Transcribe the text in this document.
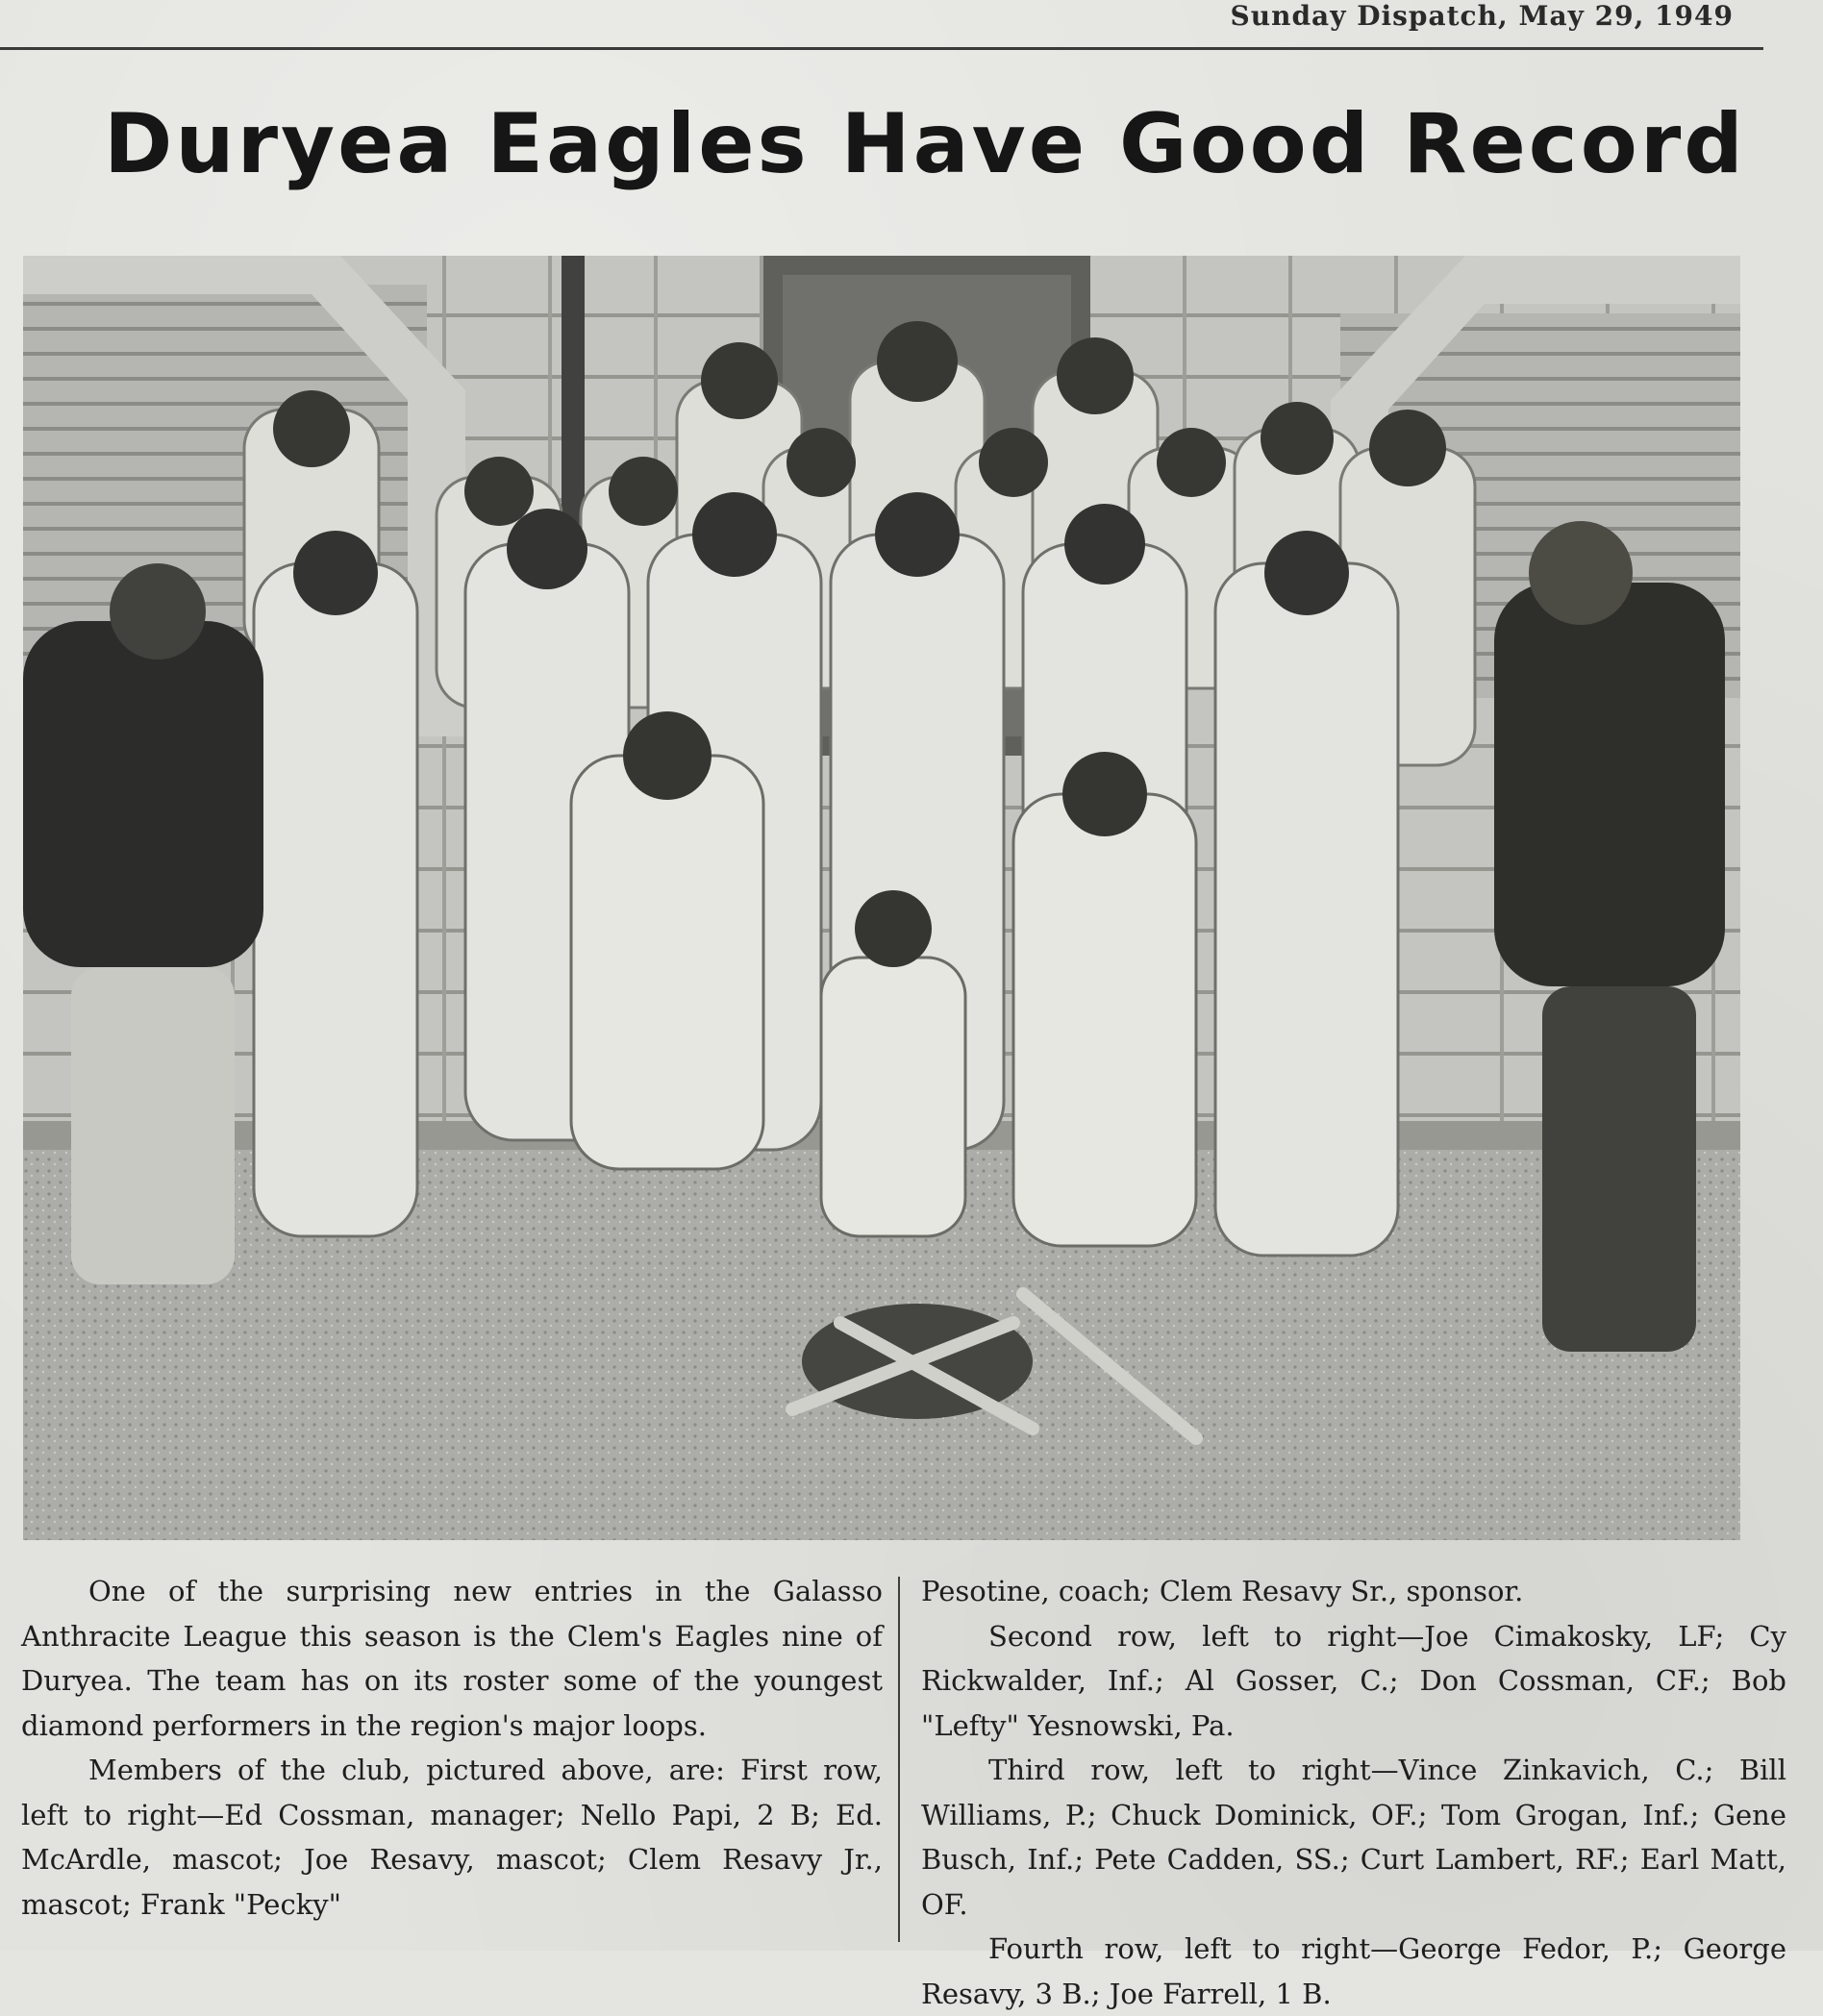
Sunday Dispatch, May 29, 1949
Duryea Eagles Have Good Record

One of the surprising new entries in the Galasso Anthracite League this season is the Clem's Eagles nine of Duryea. The team has on its roster some of the youngest diamond performers in the region's major loops.

Members of the club, pictured above, are: First row, left to right—Ed Cossman, manager; Nello Papi, 2 B; Ed. McArdle, mascot; Joe Resavy, mascot; Clem Resavy Jr., mascot; Frank "Pecky"

Pesotine, coach; Clem Resavy Sr., sponsor.

Second row, left to right—Joe Cimakosky, LF; Cy Rickwalder, Inf.; Al Gosser, C.; Don Cossman, CF.; Bob "Lefty" Yesnowski, Pa.

Third row, left to right—Vince Zinkavich, C.; Bill Williams, P.; Chuck Dominick, OF.; Tom Grogan, Inf.; Gene Busch, Inf.; Pete Cadden, SS.; Curt Lambert, RF.; Earl Matt, OF.

Fourth row, left to right—George Fedor, P.; George Resavy, 3 B.; Joe Farrell, 1 B.
